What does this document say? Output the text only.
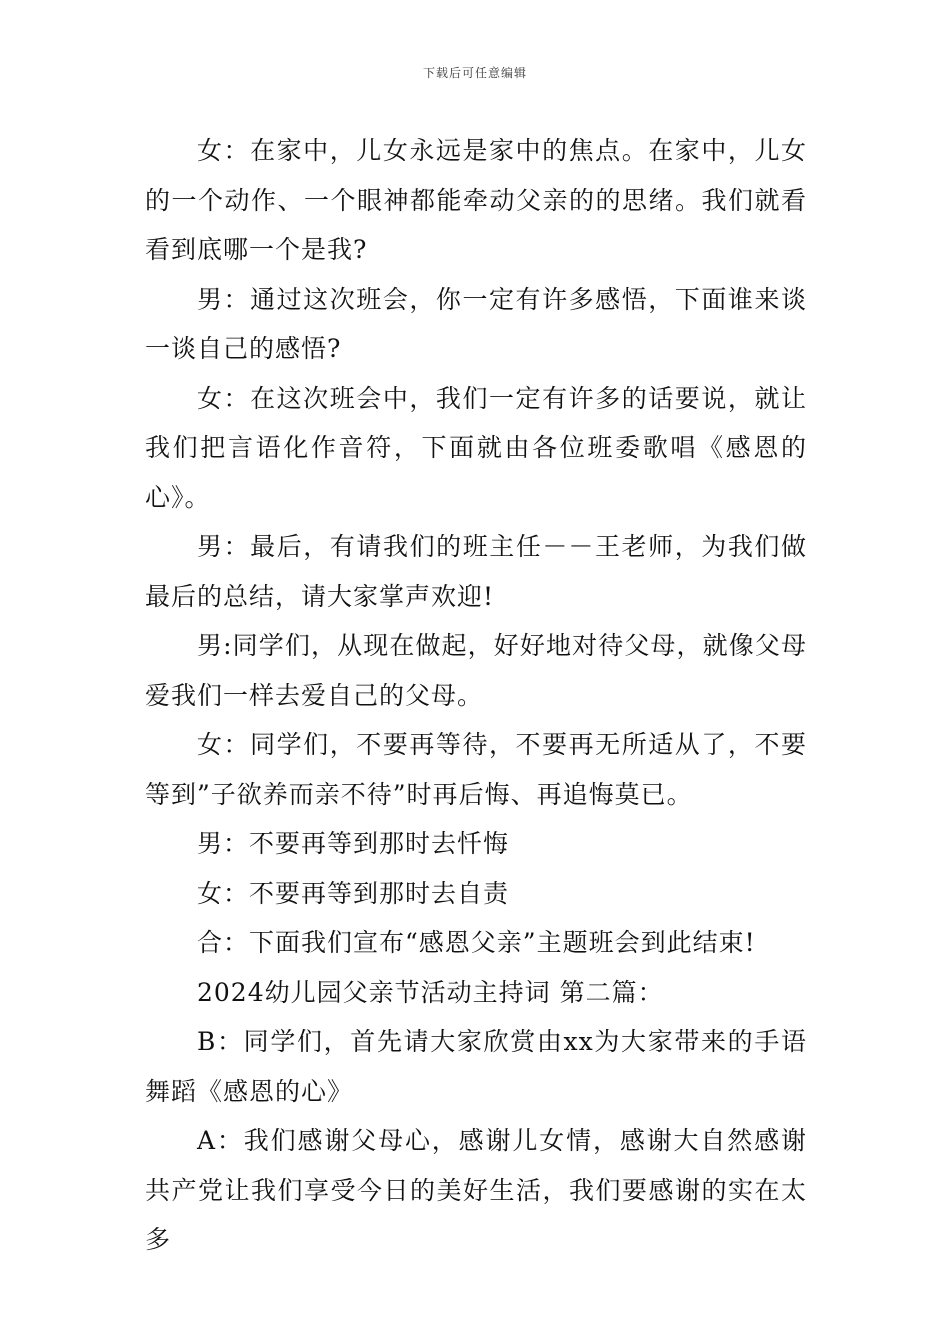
下载后可任意编辑

女：在家中，儿女永远是家中的焦点。在家中，儿女的一个动作、一个眼神都能牵动父亲的的思绪。我们就看看到底哪一个是我?

男：通过这次班会，你一定有许多感悟，下面谁来谈一谈自己的感悟?

女：在这次班会中，我们一定有许多的话要说，就让我们把言语化作音符，下面就由各位班委歌唱《感恩的心》。

男：最后，有请我们的班主任－－王老师，为我们做最后的总结，请大家掌声欢迎!

男:同学们，从现在做起，好好地对待父母，就像父母爱我们一样去爱自己的父母。

女：同学们，不要再等待，不要再无所适从了，不要等到”子欲养而亲不待”时再后悔、再追悔莫已。

男：不要再等到那时去忏悔

女：不要再等到那时去自责

合：下面我们宣布“感恩父亲”主题班会到此结束!

2024幼儿园父亲节活动主持词 第二篇：

B：同学们，首先请大家欣赏由xx为大家带来的手语舞蹈《感恩的心》

A：我们感谢父母心，感谢儿女情，感谢大自然感谢共产党让我们享受今日的美好生活，我们要感谢的实在太多
